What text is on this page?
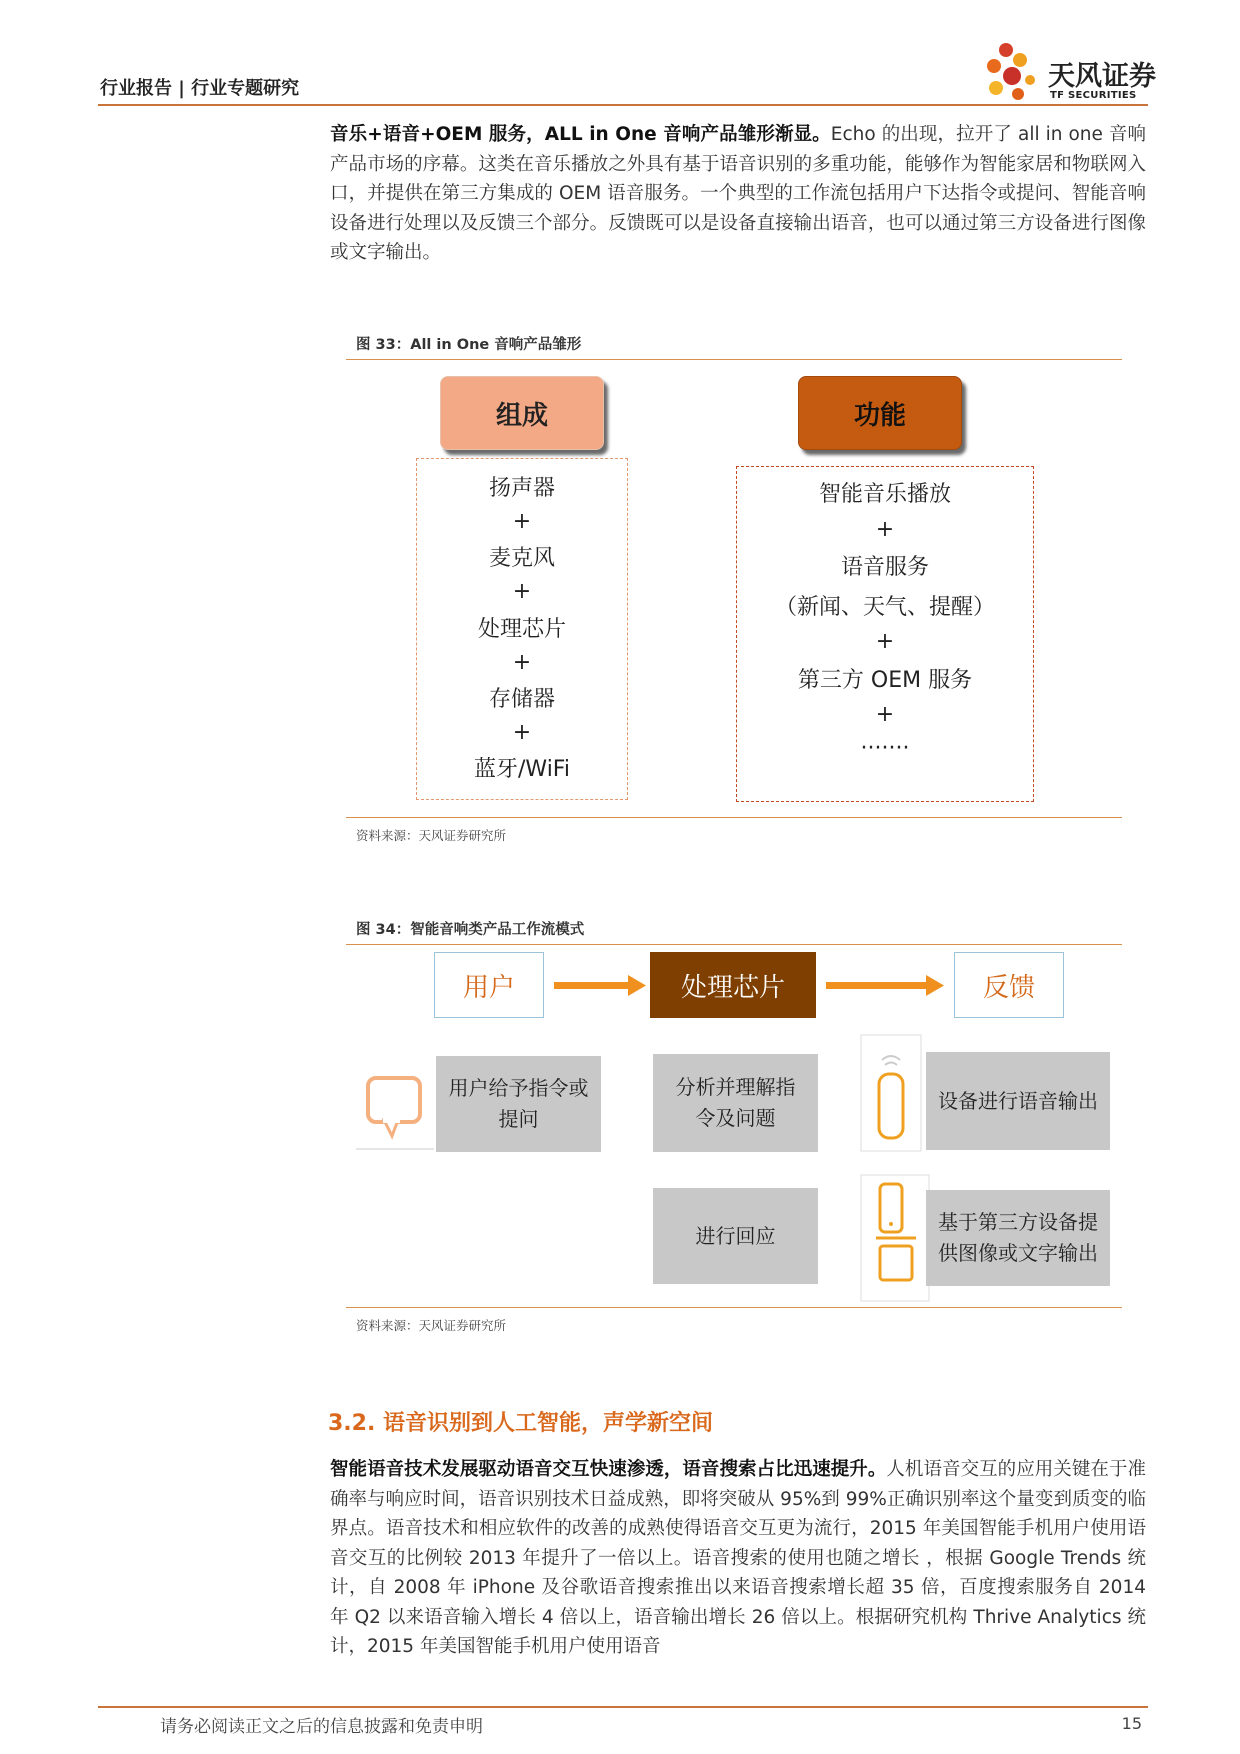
行业报告 | 行业专题研究	天风证券
TF SECURITIES
音乐+语音+OEM 服务，ALL in One 音响产品雏形渐显。Echo 的出现，拉开了 all in one 音响产品市场的序幕。这类在音乐播放之外具有基于语音识别的多重功能，能够作为智能家居和物联网入口，并提供在第三方集成的 OEM 语音服务。一个典型的工作流包括用户下达指令或提问、智能音响设备进行处理以及反馈三个部分。反馈既可以是设备直接输出语音，也可以通过第三方设备进行图像或文字输出。
图 33：All in One 音响产品雏形
组成	功能
扬声器
+
麦克风
+
处理芯片
+
存储器
+
蓝牙/WiFi
智能音乐播放
+
语音服务
（新闻、天气、提醒）
+
第三方 OEM 服务
+
·······
资料来源：天风证券研究所
图 34：智能音响类产品工作流模式
用户	处理芯片	反馈
用户给予指令或提问
分析并理解指令及问题
设备进行语音输出
进行回应
基于第三方设备提供图像或文字输出
资料来源：天风证券研究所
3.2. 语音识别到人工智能，声学新空间
智能语音技术发展驱动语音交互快速渗透，语音搜索占比迅速提升。人机语音交互的应用关键在于准确率与响应时间，语音识别技术日益成熟，即将突破从 95%到 99%正确识别率这个量变到质变的临界点。语音技术和相应软件的改善的成熟使得语音交互更为流行，2015 年美国智能手机用户使用语音交互的比例较 2013 年提升了一倍以上。语音搜索的使用也随之增长 ，根据 Google Trends 统计，自 2008 年 iPhone 及谷歌语音搜索推出以来语音搜索增长超 35 倍，百度搜索服务自 2014 年 Q2 以来语音输入增长 4 倍以上，语音输出增长 26 倍以上。根据研究机构 Thrive Analytics 统计，2015 年美国智能手机用户使用语音
请务必阅读正文之后的信息披露和免责申明	15
